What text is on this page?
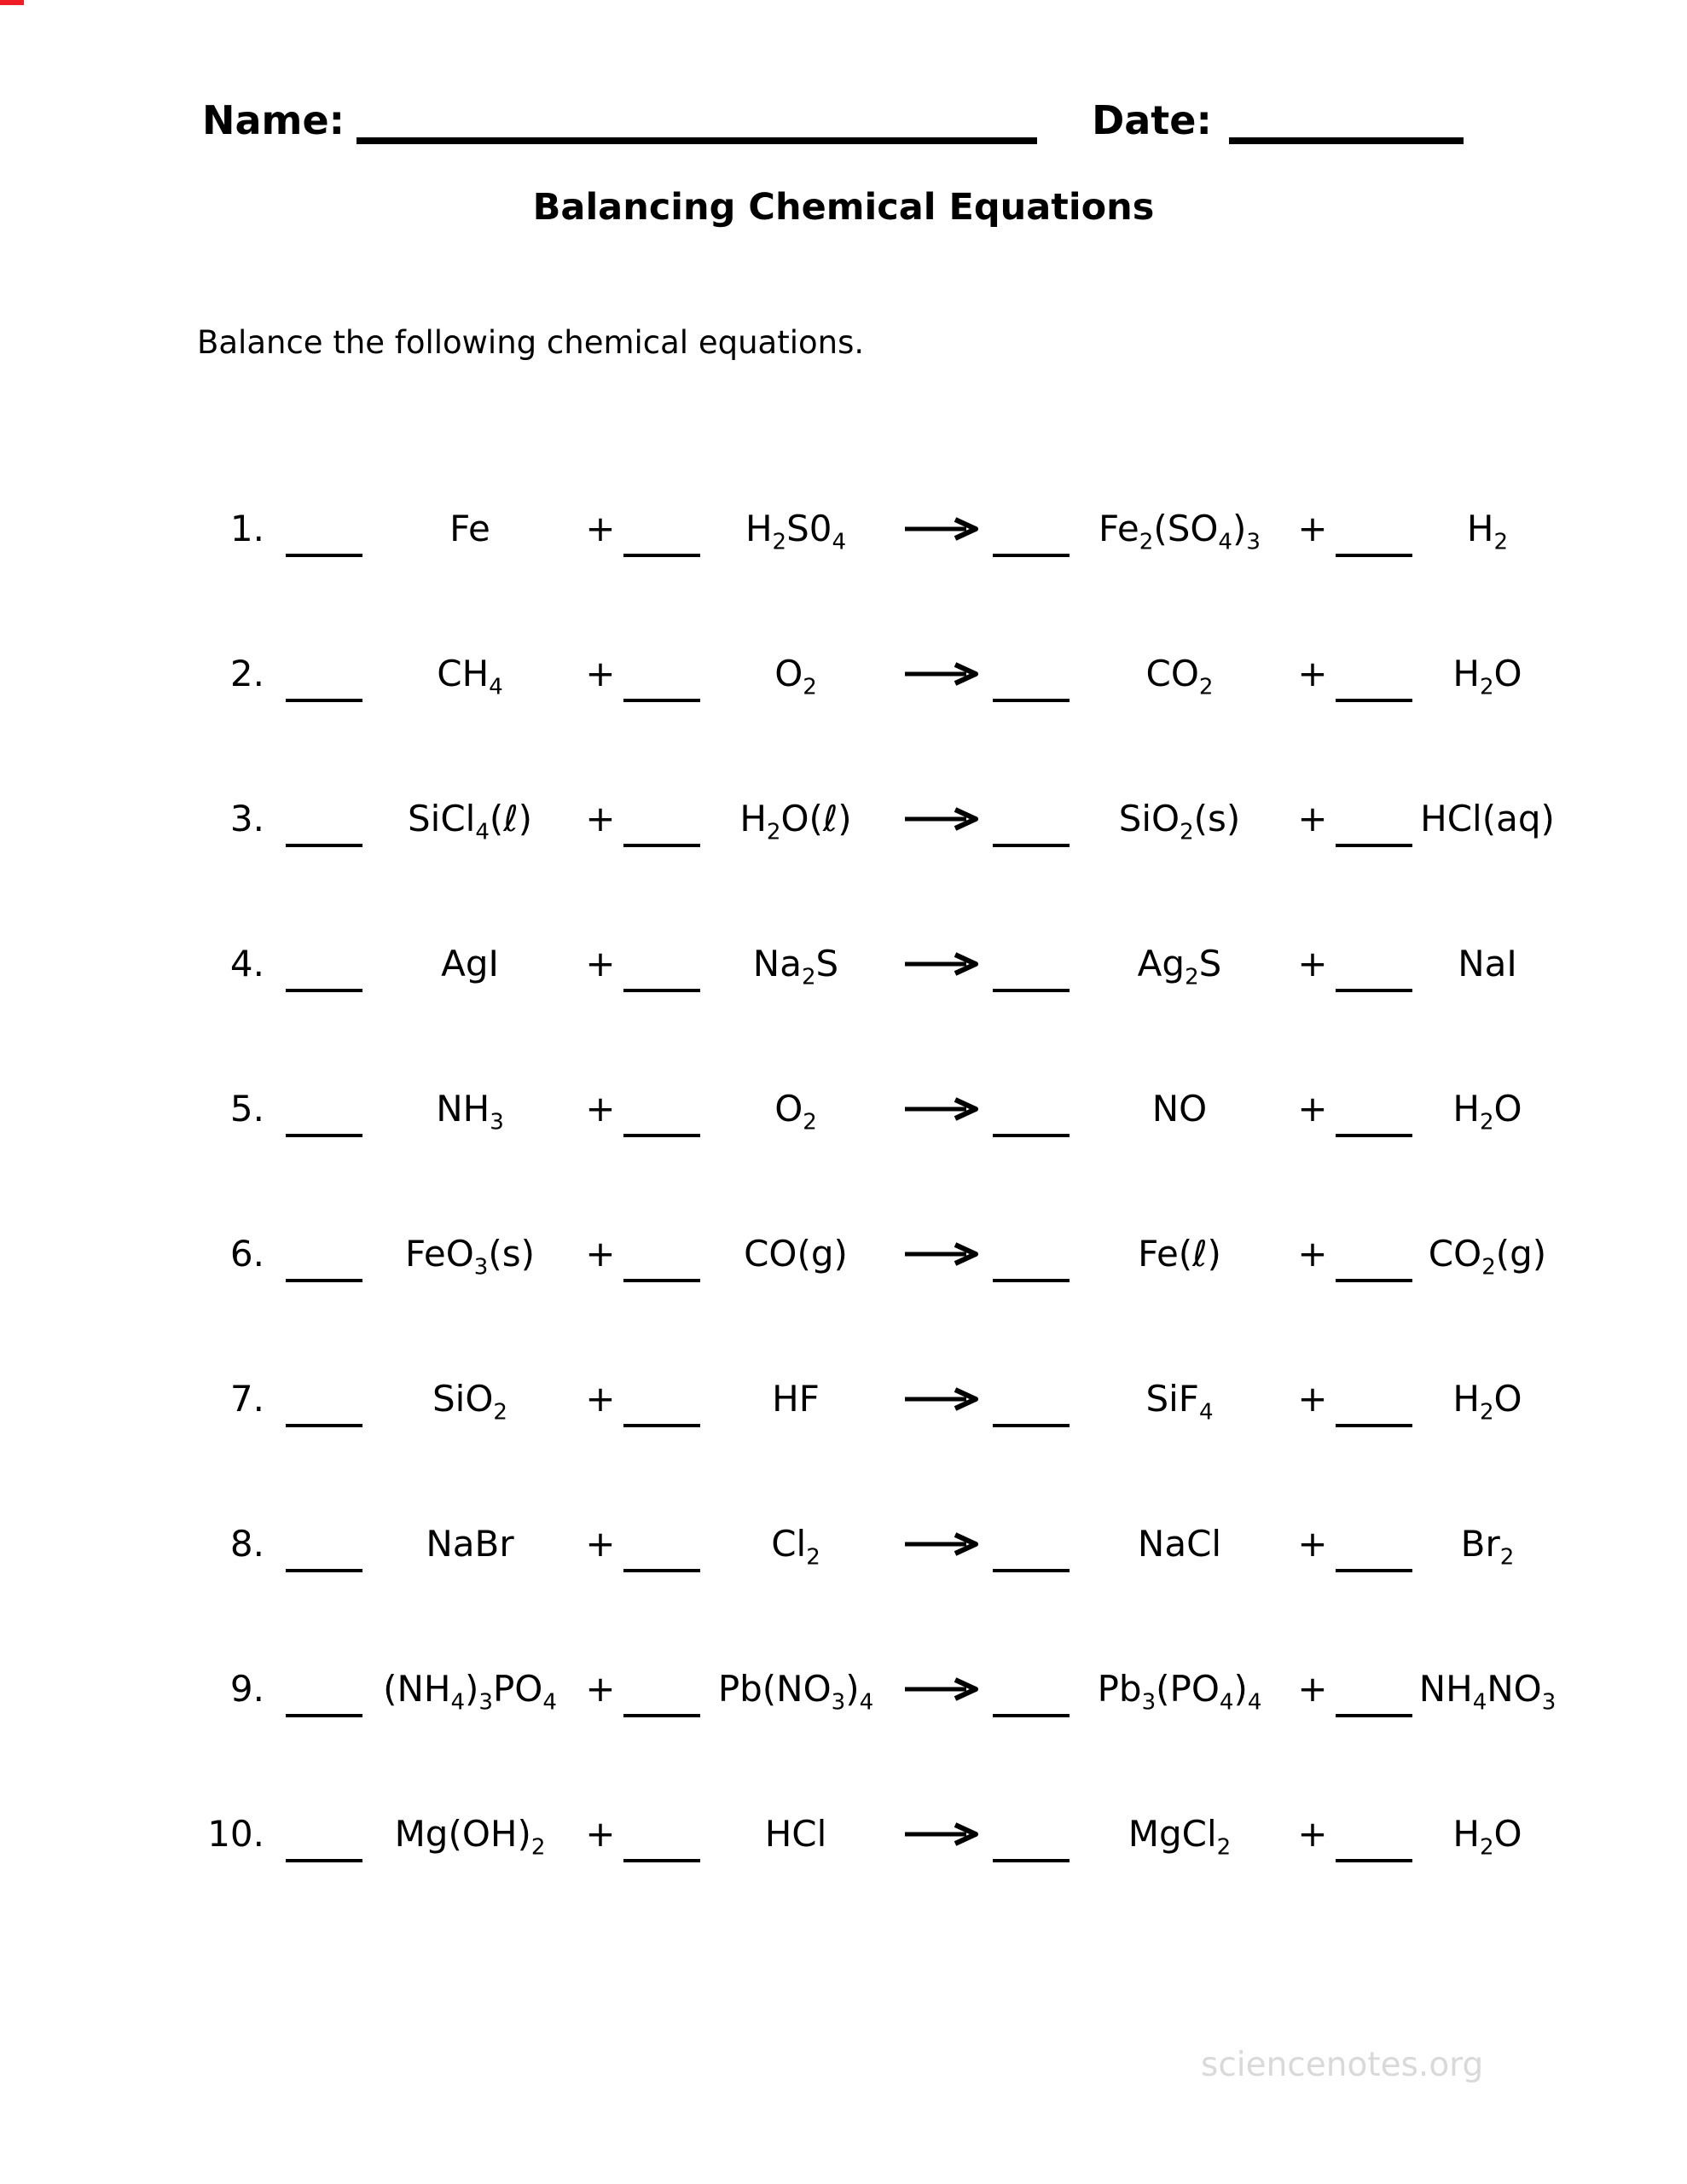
Name:	Date:
Balancing Chemical Equations
Balance the following chemical equations.
1.	Fe	+	$H_2S0_4$	$Fe_2(SO_4)_3$	+	$H_2$
2.	$CH_4$	+	$O_2$	$CO_2$	+	$H_2O$
3.	SiCl$_4$(ℓ)	+	$H_2O(\ell)$	→	SiO$_2$(s)	+	HCl(aq)
4.	AgI	+	$Na_2S$	→	$Ag_2S$	+	NaI
5.	$NH_3$	+	$O_2$	NO	+	$H_2O$
6.	FeO$_3$(s)	+	CO(g)	→	Fe(ℓ)	+	$CO_2(g)$
7.	SiO$_2$	+	HF	SiF$_4$	+	$H_2O$
8.	NaBr	+	$Cl_2$	NaCl	+	$Br_2$
9.	$(NH_4)_3PO_4$ +	$Pb(NO_3)_4$	$Pb_3(PO_4)_4$ +	$NH_4NO_3$
10.	$Mg(OH)_2$	+	HCl	MgCl$_2$	+	$H_2O$
sciencenotes.org
